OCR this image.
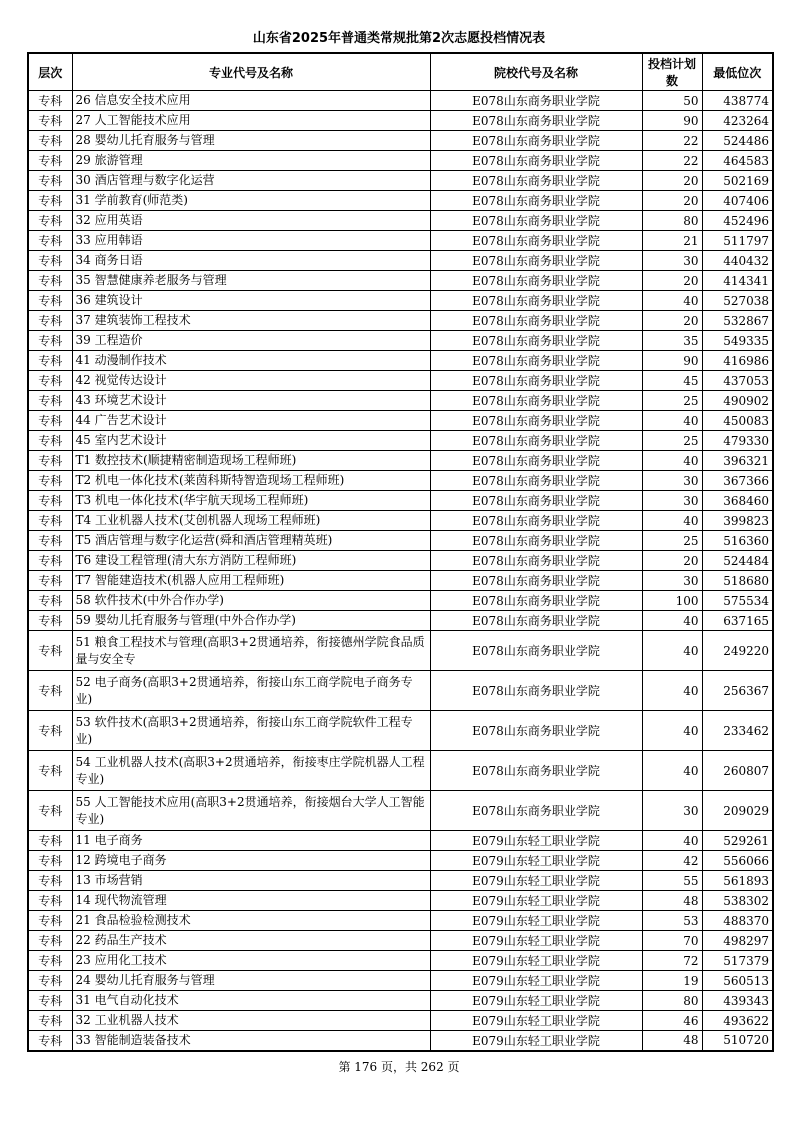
山东省2025年普通类常规批第2次志愿投档情况表
层次	专业代号及名称	院校代号及名称	投档计划数	最低位次
专科	26 信息安全技术应用	E078山东商务职业学院	50	438774
专科	27 人工智能技术应用	E078山东商务职业学院	90	423264
专科	28 婴幼儿托育服务与管理	E078山东商务职业学院	22	524486
专科	29 旅游管理	E078山东商务职业学院	22	464583
专科	30 酒店管理与数字化运营	E078山东商务职业学院	20	502169
专科	31 学前教育(师范类)	E078山东商务职业学院	20	407406
专科	32 应用英语	E078山东商务职业学院	80	452496
专科	33 应用韩语	E078山东商务职业学院	21	511797
专科	34 商务日语	E078山东商务职业学院	30	440432
专科	35 智慧健康养老服务与管理	E078山东商务职业学院	20	414341
专科	36 建筑设计	E078山东商务职业学院	40	527038
专科	37 建筑装饰工程技术	E078山东商务职业学院	20	532867
专科	39 工程造价	E078山东商务职业学院	35	549335
专科	41 动漫制作技术	E078山东商务职业学院	90	416986
专科	42 视觉传达设计	E078山东商务职业学院	45	437053
专科	43 环境艺术设计	E078山东商务职业学院	25	490902
专科	44 广告艺术设计	E078山东商务职业学院	40	450083
专科	45 室内艺术设计	E078山东商务职业学院	25	479330
专科	T1 数控技术(顺捷精密制造现场工程师班)	E078山东商务职业学院	40	396321
专科	T2 机电一体化技术(莱茵科斯特智造现场工程师班)	E078山东商务职业学院	30	367366
专科	T3 机电一体化技术(华宇航天现场工程师班)	E078山东商务职业学院	30	368460
专科	T4 工业机器人技术(艾创机器人现场工程师班)	E078山东商务职业学院	40	399823
专科	T5 酒店管理与数字化运营(舜和酒店管理精英班)	E078山东商务职业学院	25	516360
专科	T6 建设工程管理(清大东方消防工程师班)	E078山东商务职业学院	20	524484
专科	T7 智能建造技术(机器人应用工程师班)	E078山东商务职业学院	30	518680
专科	58 软件技术(中外合作办学)	E078山东商务职业学院	100	575534
专科	59 婴幼儿托育服务与管理(中外合作办学)	E078山东商务职业学院	40	637165
专科	51 粮食工程技术与管理(高职3+2贯通培养，衔接德州学院食品质量与安全专	E078山东商务职业学院	40	249220
专科	52 电子商务(高职3+2贯通培养，衔接山东工商学院电子商务专业)	E078山东商务职业学院	40	256367
专科	53 软件技术(高职3+2贯通培养，衔接山东工商学院软件工程专业)	E078山东商务职业学院	40	233462
专科	54 工业机器人技术(高职3+2贯通培养，衔接枣庄学院机器人工程专业)	E078山东商务职业学院	40	260807
专科	55 人工智能技术应用(高职3+2贯通培养，衔接烟台大学人工智能专业)	E078山东商务职业学院	30	209029
专科	11 电子商务	E079山东轻工职业学院	40	529261
专科	12 跨境电子商务	E079山东轻工职业学院	42	556066
专科	13 市场营销	E079山东轻工职业学院	55	561893
专科	14 现代物流管理	E079山东轻工职业学院	48	538302
专科	21 食品检验检测技术	E079山东轻工职业学院	53	488370
专科	22 药品生产技术	E079山东轻工职业学院	70	498297
专科	23 应用化工技术	E079山东轻工职业学院	72	517379
专科	24 婴幼儿托育服务与管理	E079山东轻工职业学院	19	560513
专科	31 电气自动化技术	E079山东轻工职业学院	80	439343
专科	32 工业机器人技术	E079山东轻工职业学院	46	493622
专科	33 智能制造装备技术	E079山东轻工职业学院	48	510720
第 176 页，共 262 页
